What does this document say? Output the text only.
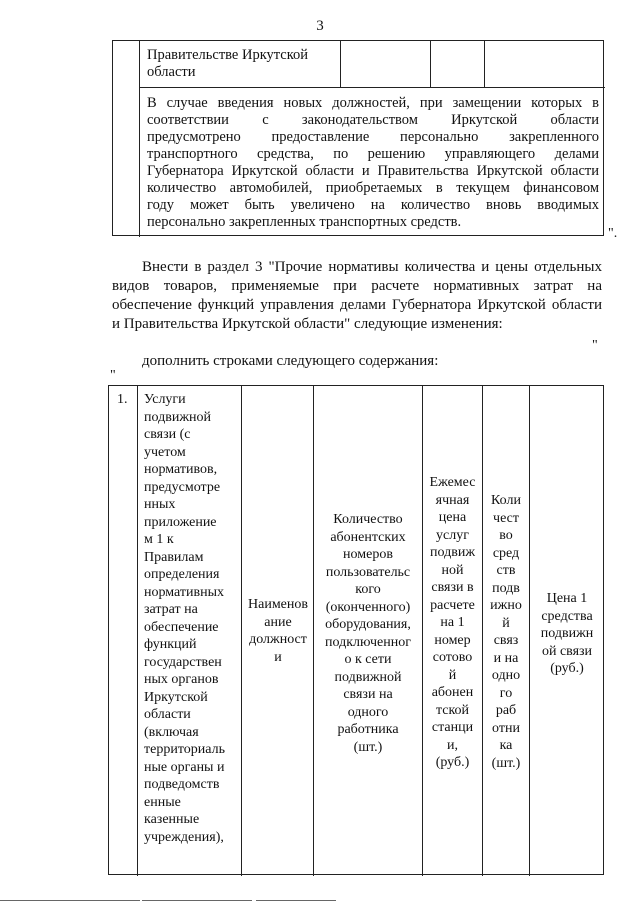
3
Правительстве Иркутской
области
В случае введения новых должностей, при замещении которых в
соответствии с законодательством Иркутской области
предусмотрено предоставление персонально закрепленного
транспортного средства, по решению управляющего делами
Губернатора Иркутской области и Правительства Иркутской области
количество автомобилей, приобретаемых в текущем финансовом
году может быть увеличено на количество вновь вводимых
персонально закрепленных транспортных средств.
".
Внести в раздел 3 "Прочие нормативы количества и цены отдельных
видов товаров, применяемые при расчете нормативных затрат на
обеспечение функций управления делами Губернатора Иркутской области
и Правительства Иркутской области" следующие изменения:
"
дополнить строками следующего содержания:
"
1. Услуги
подвижной
связи (с
учетом
нормативов,
предусмотре
нных
приложение
м 1 к
Правилам
определения
нормативных
затрат на
обеспечение
функций
государствен
ных органов
Иркутской
области
(включая
территориаль
ные органы и
подведомств
енные
казенные
учреждения),
Наименов
ание
должност
и
Количество
абонентских
номеров
пользовательс
кого
(оконченного)
оборудования,
подключенног
о к сети
подвижной
связи на
одного
работника
(шт.)
Ежемес
ячная
цена
услуг
подвиж
ной
связи в
расчете
на 1
номер
сотово
й
абонен
тской
станци
и,
(руб.)
Коли
чест
во
сред
ств
подв
ижно
й
связ
и на
одно
го
раб
отни
ка
(шт.)
Цена 1
средства
подвижн
ой связи
(руб.)
